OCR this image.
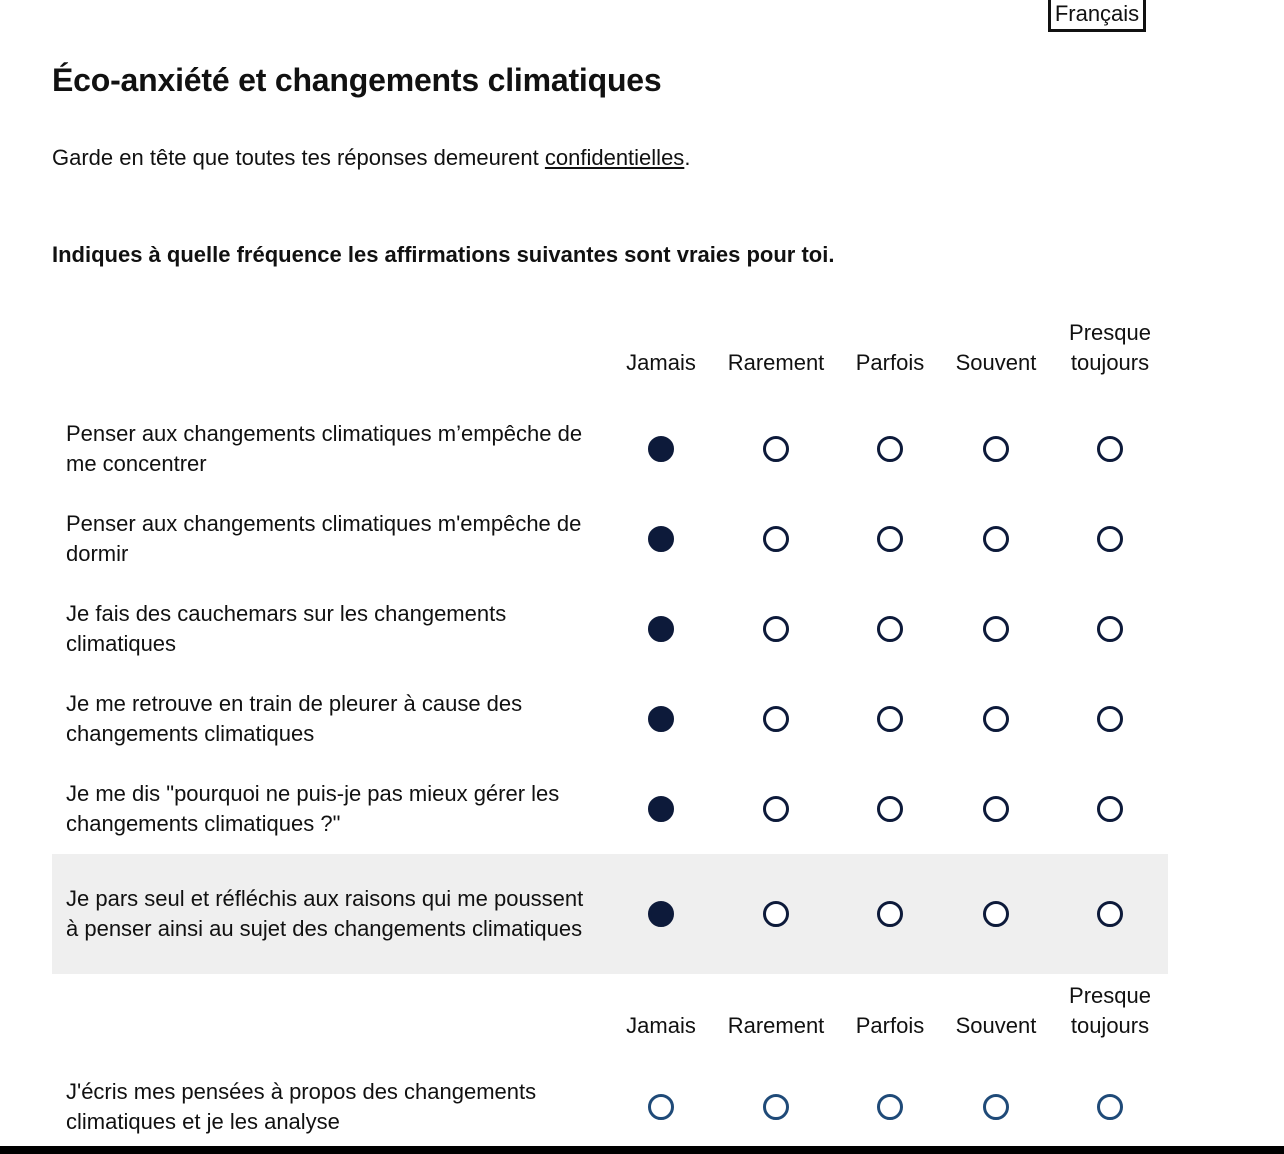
Français
Éco-anxiété et changements climatiques

Garde en tête que toutes tes réponses demeurent confidentielles.

Indiques à quelle fréquence les affirmations suivantes sont vraies pour toi.

Jamais Rarement Parfois Souvent
Presque
toujours
Penser aux changements climatiques m’empêche de me concentrer
Penser aux changements climatiques m'empêche de dormir
Je fais des cauchemars sur les changements climatiques
Je me retrouve en train de pleurer à cause des changements climatiques
Je me dis "pourquoi ne puis-je pas mieux gérer les changements climatiques ?"
Je pars seul et réfléchis aux raisons qui me poussent à penser ainsi au sujet des changements climatiques
Jamais Rarement Parfois Souvent
Presque
toujours
J'écris mes pensées à propos des changements climatiques et je les analyse
